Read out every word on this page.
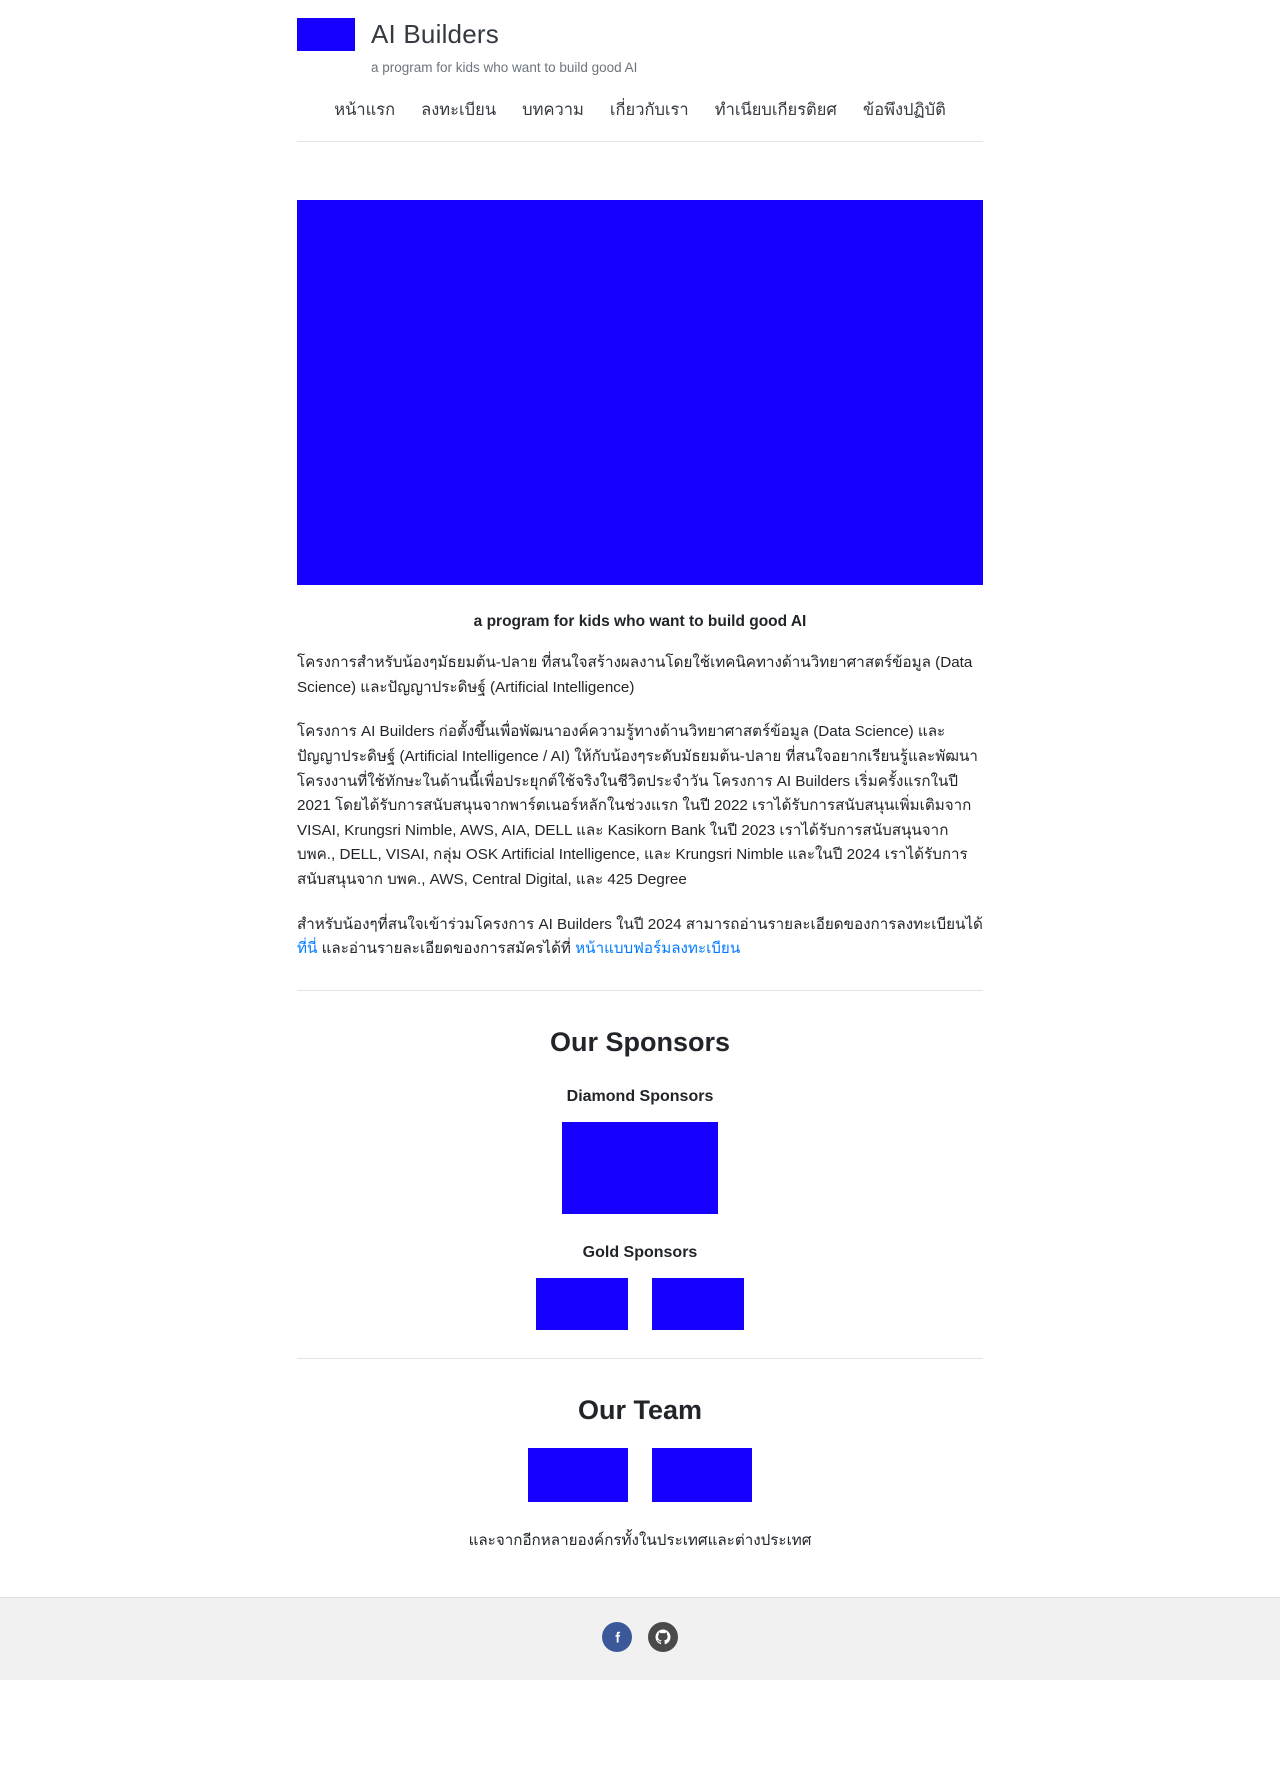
AI Builders
a program for kids who want to build good AI
หน้าแรก ลงทะเบียน บทความ เกี่ยวกับเรา ทำเนียบเกียรติยศ ข้อพึงปฏิบัติ
a program for kids who want to build good AI

โครงการสำหรับน้องๆมัธยมต้น-ปลาย ที่สนใจสร้างผลงานโดยใช้เทคนิคทางด้านวิทยาศาสตร์ข้อมูล (Data Science) และปัญญาประดิษฐ์ (Artificial Intelligence)

โครงการ AI Builders ก่อตั้งขึ้นเพื่อพัฒนาองค์ความรู้ทางด้านวิทยาศาสตร์ข้อมูล (Data Science) และปัญญาประดิษฐ์ (Artificial Intelligence / AI) ให้กับน้องๆระดับมัธยมต้น-ปลาย ที่สนใจอยากเรียนรู้และพัฒนาโครงงานที่ใช้ทักษะในด้านนี้เพื่อประยุกต์ใช้จริงในชีวิตประจำวัน โครงการ AI Builders เริ่มครั้งแรกในปี 2021 โดยได้รับการสนับสนุนจากพาร์ตเนอร์หลักในช่วงแรก ในปี 2022 เราได้รับการสนับสนุนเพิ่มเติมจาก VISAI, Krungsri Nimble, AWS, AIA, DELL และ Kasikorn Bank ในปี 2023 เราได้รับการสนับสนุนจาก บพค., DELL, VISAI, กลุ่ม OSK Artificial Intelligence, และ Krungsri Nimble และในปี 2024 เราได้รับการสนับสนุนจาก บพค., AWS, Central Digital, และ 425 Degree

สำหรับน้องๆที่สนใจเข้าร่วมโครงการ AI Builders ในปี 2024 สามารถอ่านรายละเอียดของการลงทะเบียนได้ ที่นี่ และอ่านรายละเอียดของการสมัครได้ที่ หน้าแบบฟอร์มลงทะเบียน

Our Sponsors
Diamond Sponsors
Gold Sponsors
Our Team

และจากอีกหลายองค์กรทั้งในประเทศและต่างประเทศ
